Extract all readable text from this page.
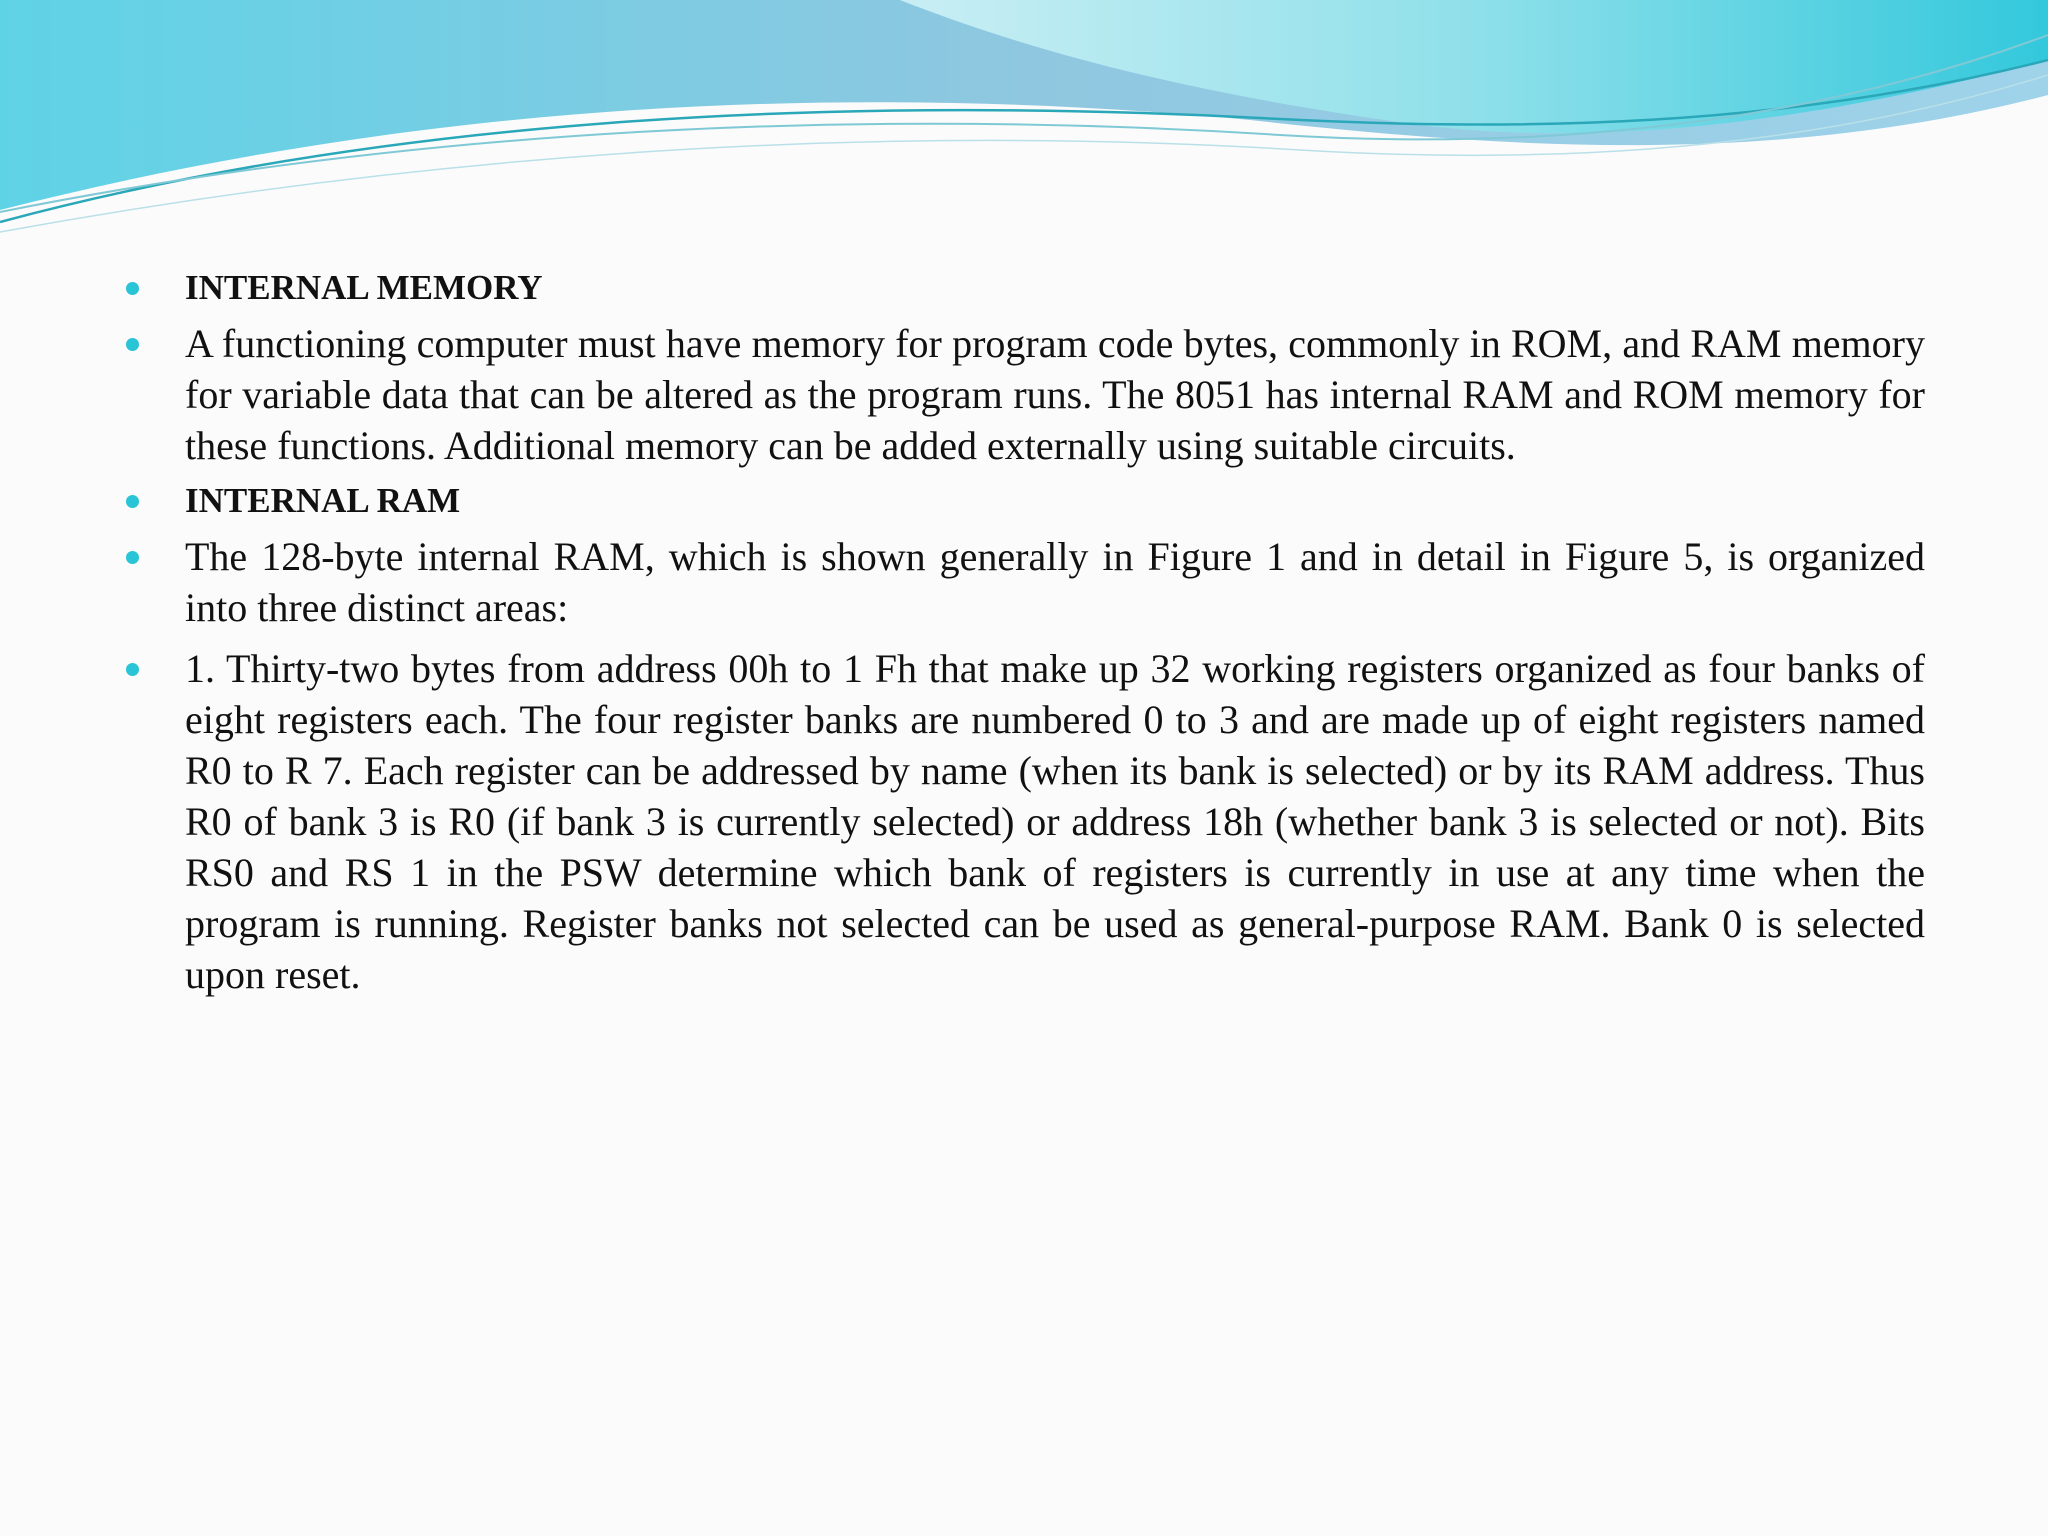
INTERNAL MEMORY
A functioning computer must have memory for program code bytes, commonly in ROM, and RAM memory for variable data that can be altered as the program runs. The 8051 has internal RAM and ROM memory for these functions. Additional memory can be added externally using suitable circuits.
INTERNAL RAM
The 128-byte internal RAM, which is shown generally in Figure 1 and in detail in Figure 5, is organized into three distinct areas:
1. Thirty-two bytes from address 00h to 1 Fh that make up 32 working registers organized as four banks of eight registers each. The four register banks are numbered 0 to 3 and are made up of eight registers named R0 to R 7. Each register can be addressed by name (when its bank is selected) or by its RAM address. Thus R0 of bank 3 is R0 (if bank 3 is currently selected) or address 18h (whether bank 3 is selected or not). Bits RS0 and RS 1 in the PSW determine which bank of registers is currently in use at any time when the program is running. Register banks not selected can be used as general-purpose RAM. Bank 0 is selected upon reset.
